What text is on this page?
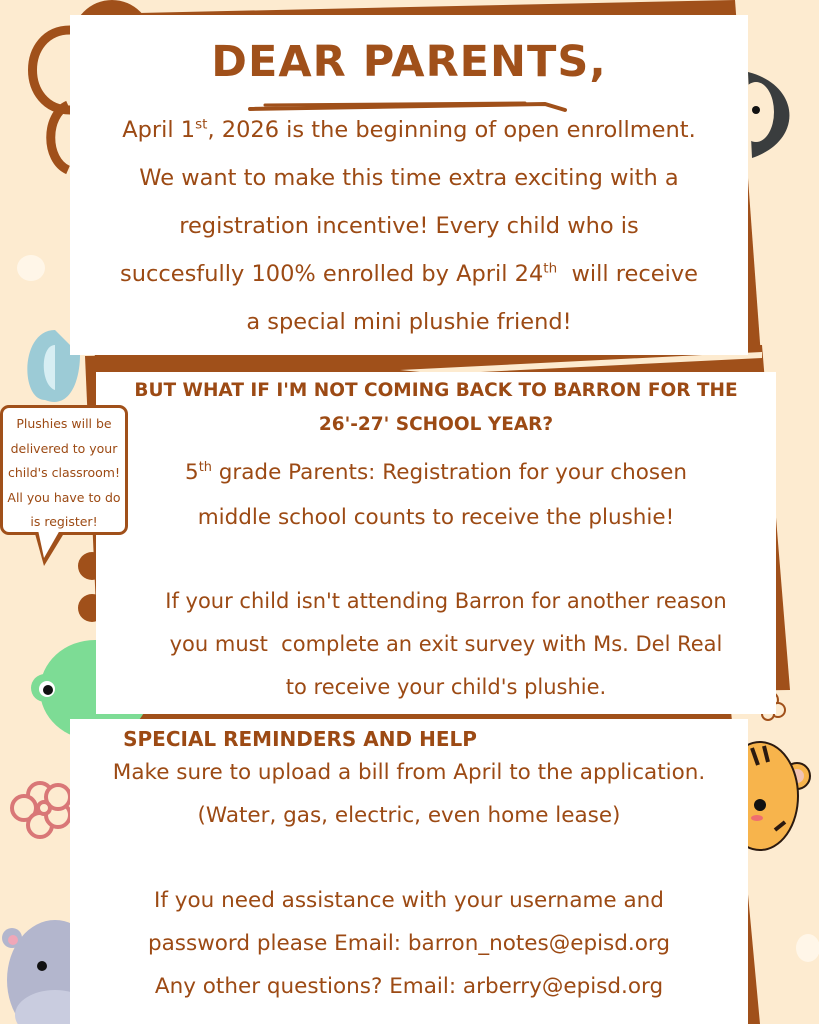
DEAR PARENTS,
April 1st, 2026 is the beginning of open enrollment.
We want to make this time extra exciting with a
registration incentive! Every child who is
succesfully 100% enrolled by April 24th  will receive
a special mini plushie friend!
BUT WHAT IF I'M NOT COMING BACK TO BARRON FOR THE
26'-27' SCHOOL YEAR?
5th grade Parents: Registration for your chosen
middle school counts to receive the plushie!
If your child isn't attending Barron for another reason
you must  complete an exit survey with Ms. Del Real
to receive your child's plushie.
Plushies will be
delivered to your
child's classroom!
All you have to do
is register!
SPECIAL REMINDERS AND HELP
Make sure to upload a bill from April to the application.
(Water, gas, electric, even home lease)
If you need assistance with your username and
password please Email: barron_notes@episd.org
Any other questions? Email: arberry@episd.org
